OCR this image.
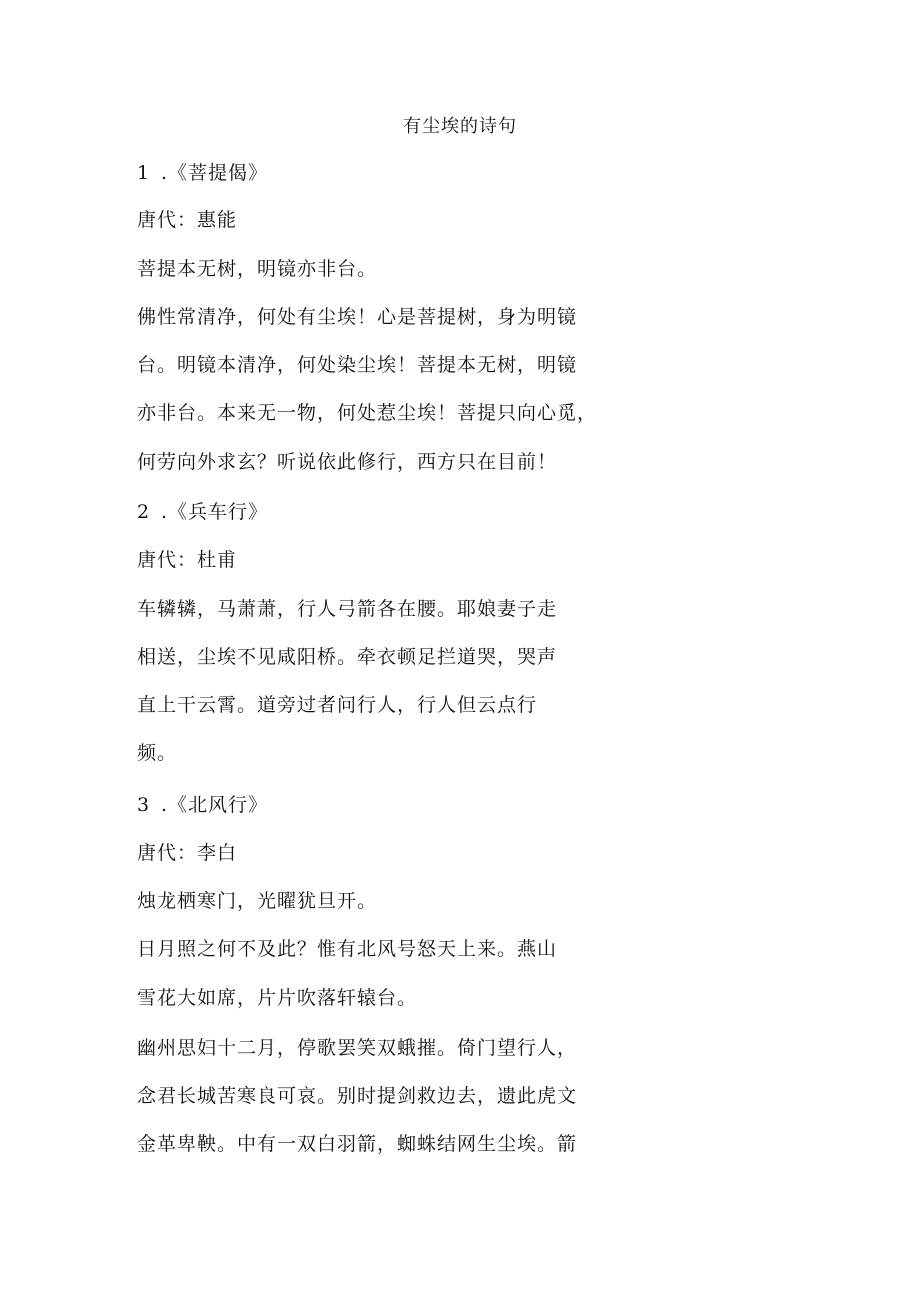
有尘埃的诗句
1 .《菩提偈》
唐代：惠能
菩提本无树，明镜亦非台。
佛性常清净，何处有尘埃！心是菩提树，身为明镜
台。明镜本清净，何处染尘埃！菩提本无树，明镜
亦非台。本来无一物，何处惹尘埃！菩提只向心觅，
何劳向外求玄？听说依此修行，西方只在目前！
2 .《兵车行》
唐代：杜甫
车辚辚，马萧萧，行人弓箭各在腰。耶娘妻子走
相送，尘埃不见咸阳桥。牵衣顿足拦道哭，哭声
直上干云霄。道旁过者问行人，行人但云点行
频。
3 .《北风行》
唐代：李白
烛龙栖寒门，光曜犹旦开。
日月照之何不及此？惟有北风号怒天上来。燕山
雪花大如席，片片吹落轩辕台。
幽州思妇十二月，停歌罢笑双蛾摧。倚门望行人，
念君长城苦寒良可哀。别时提剑救边去，遗此虎文
金革卑鞅。中有一双白羽箭，蜘蛛结网生尘埃。箭
